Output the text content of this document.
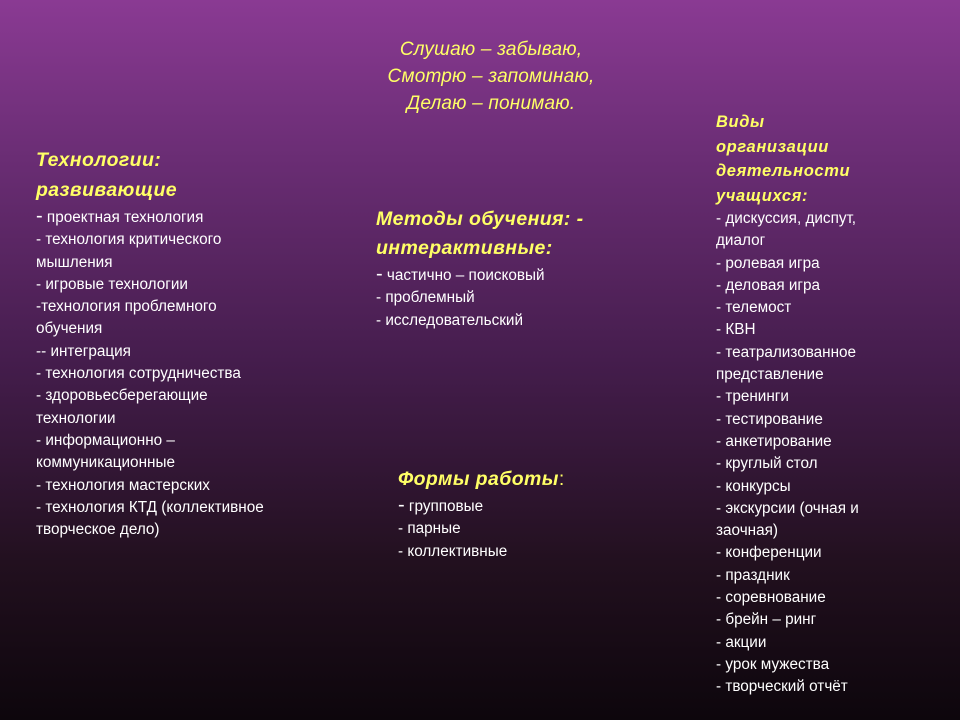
Слушаю – забываю,
Смотрю – запоминаю,
Делаю – понимаю.
Технологии:
развивающие
- проектная технология
- технология критического
мышления
- игровые технологии
-технология проблемного
обучения
-- интеграция
- технология сотрудничества
- здоровьесберегающие
технологии
- информационно –
коммуникационные
- технология мастерских
- технология КТД (коллективное
творческое дело)
Методы обучения: -
интерактивные:
- частично – поисковый
- проблемный
- исследовательский
Формы работы:
- групповые
- парные
- коллективные
Виды
организации
деятельности
учащихся:
- дискуссия, диспут,
диалог
- ролевая игра
- деловая игра
- телемост
- КВН
- театрализованное
представление
- тренинги
- тестирование
- анкетирование
- круглый стол
- конкурсы
- экскурсии (очная и
заочная)
- конференции
- праздник
- соревнование
- брейн – ринг
- акции
- урок мужества
- творческий отчёт
